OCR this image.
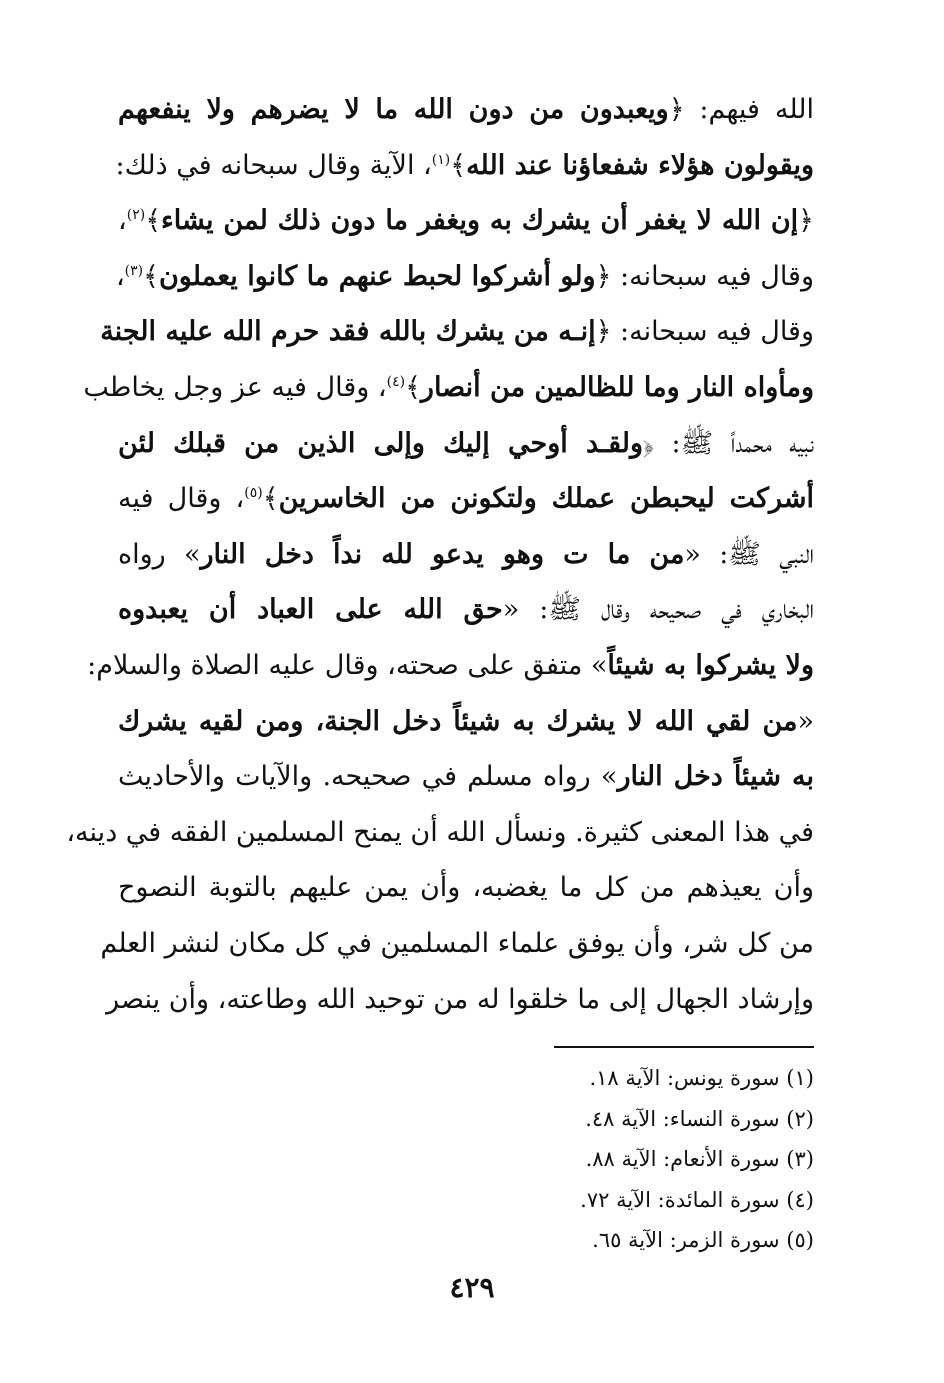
الله فيهم: ﴿ويعبدون من دون الله ما لا يضرهم ولا ينفعهم
ويقولون هؤلاء شفعاؤنا عند الله﴾$^{(١)}$، الآية وقال سبحانه في ذلك:
﴿إن الله لا يغفر أن يشرك به ويغفر ما دون ذلك لمن يشاء﴾$^{(٢)}$،
وقال فيه سبحانه: ﴿ولو أشركوا لحبط عنهم ما كانوا يعملون﴾$^{(٣)}$،
وقال فيه سبحانه: ﴿إنـه من يشرك بالله فقد حرم الله عليه الجنة
ومأواه النار وما للظالمين من أنصار﴾$^{(٤)}$، وقال فيه عز وجل يخاطب
نبيه محمداً ﷺ: ﴿ولقـد أوحي إليك وإلى الذين من قبلك لئن
أشركت ليحبطن عملك ولتكونن من الخاسرين﴾$^{(٥)}$، وقال فيه
النبي ﷺ: «من ما ت وهو يدعو لله نداً دخل النار» رواه
البخاري في صحيحه وقال ﷺ: «حق الله على العباد أن يعبدوه
ولا يشركوا به شيئاً» متفق على صحته، وقال عليه الصلاة والسلام:
«من لقي الله لا يشرك به شيئاً دخل الجنة، ومن لقيه يشرك
به شيئاً دخل النار» رواه مسلم في صحيحه. والآيات والأحاديث
في هذا المعنى كثيرة. ونسأل الله أن يمنح المسلمين الفقه في دينه،
وأن يعيذهم من كل ما يغضبه، وأن يمن عليهم بالتوبة النصوح
من كل شر، وأن يوفق علماء المسلمين في كل مكان لنشر العلم
وإرشاد الجهال إلى ما خلقوا له من توحيد الله وطاعته، وأن ينصر
(١) سورة يونس: الآية ١٨.
(٢) سورة النساء: الآية ٤٨.
(٣) سورة الأنعام: الآية ٨٨.
(٤) سورة المائدة: الآية ٧٢.
(٥) سورة الزمر: الآية ٦٥.
٤٢٩
